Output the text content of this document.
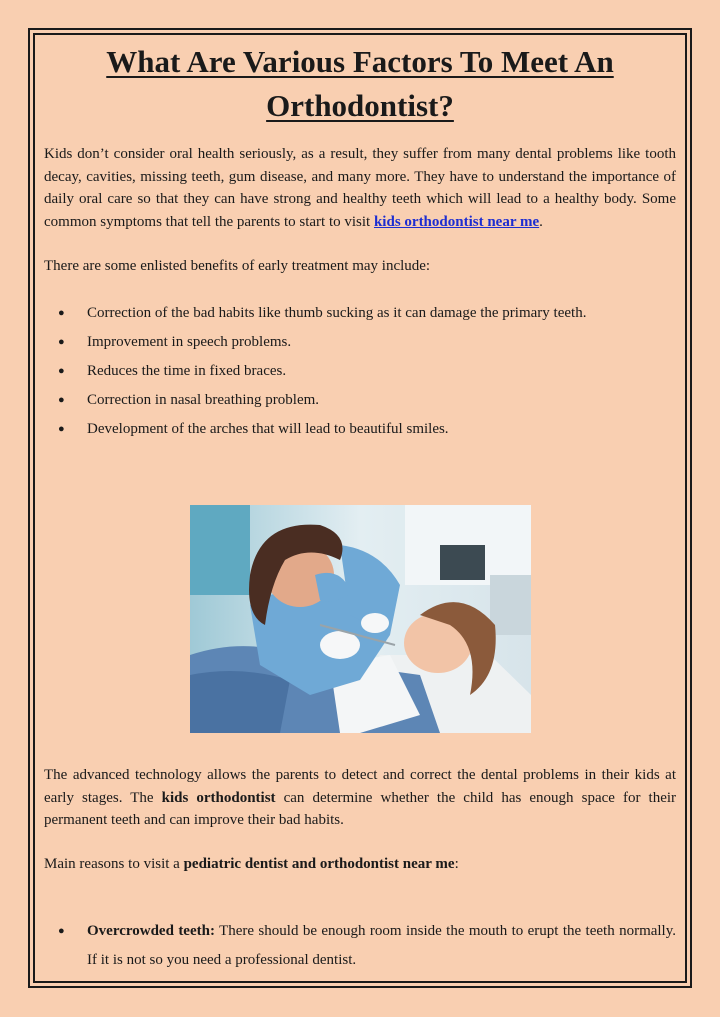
What Are Various Factors To Meet An Orthodontist?

Kids don’t consider oral health seriously, as a result, they suffer from many dental problems like tooth decay, cavities, missing teeth, gum disease, and many more. They have to understand the importance of daily oral care so that they can have strong and healthy teeth which will lead to a healthy body. Some common symptoms that tell the parents to start to visit kids orthodontist near me.

There are some enlisted benefits of early treatment may include:

● Correction of the bad habits like thumb sucking as it can damage the primary teeth.
● Improvement in speech problems.
● Reduces the time in fixed braces.
● Correction in nasal breathing problem.
● Development of the arches that will lead to beautiful smiles.

The advanced technology allows the parents to detect and correct the dental problems in their kids at early stages. The kids orthodontist can determine whether the child has enough space for their permanent teeth and can improve their bad habits.

Main reasons to visit a pediatric dentist and orthodontist near me:

● Overcrowded teeth: There should be enough room inside the mouth to erupt the teeth normally. If it is not so you need a professional dentist.
